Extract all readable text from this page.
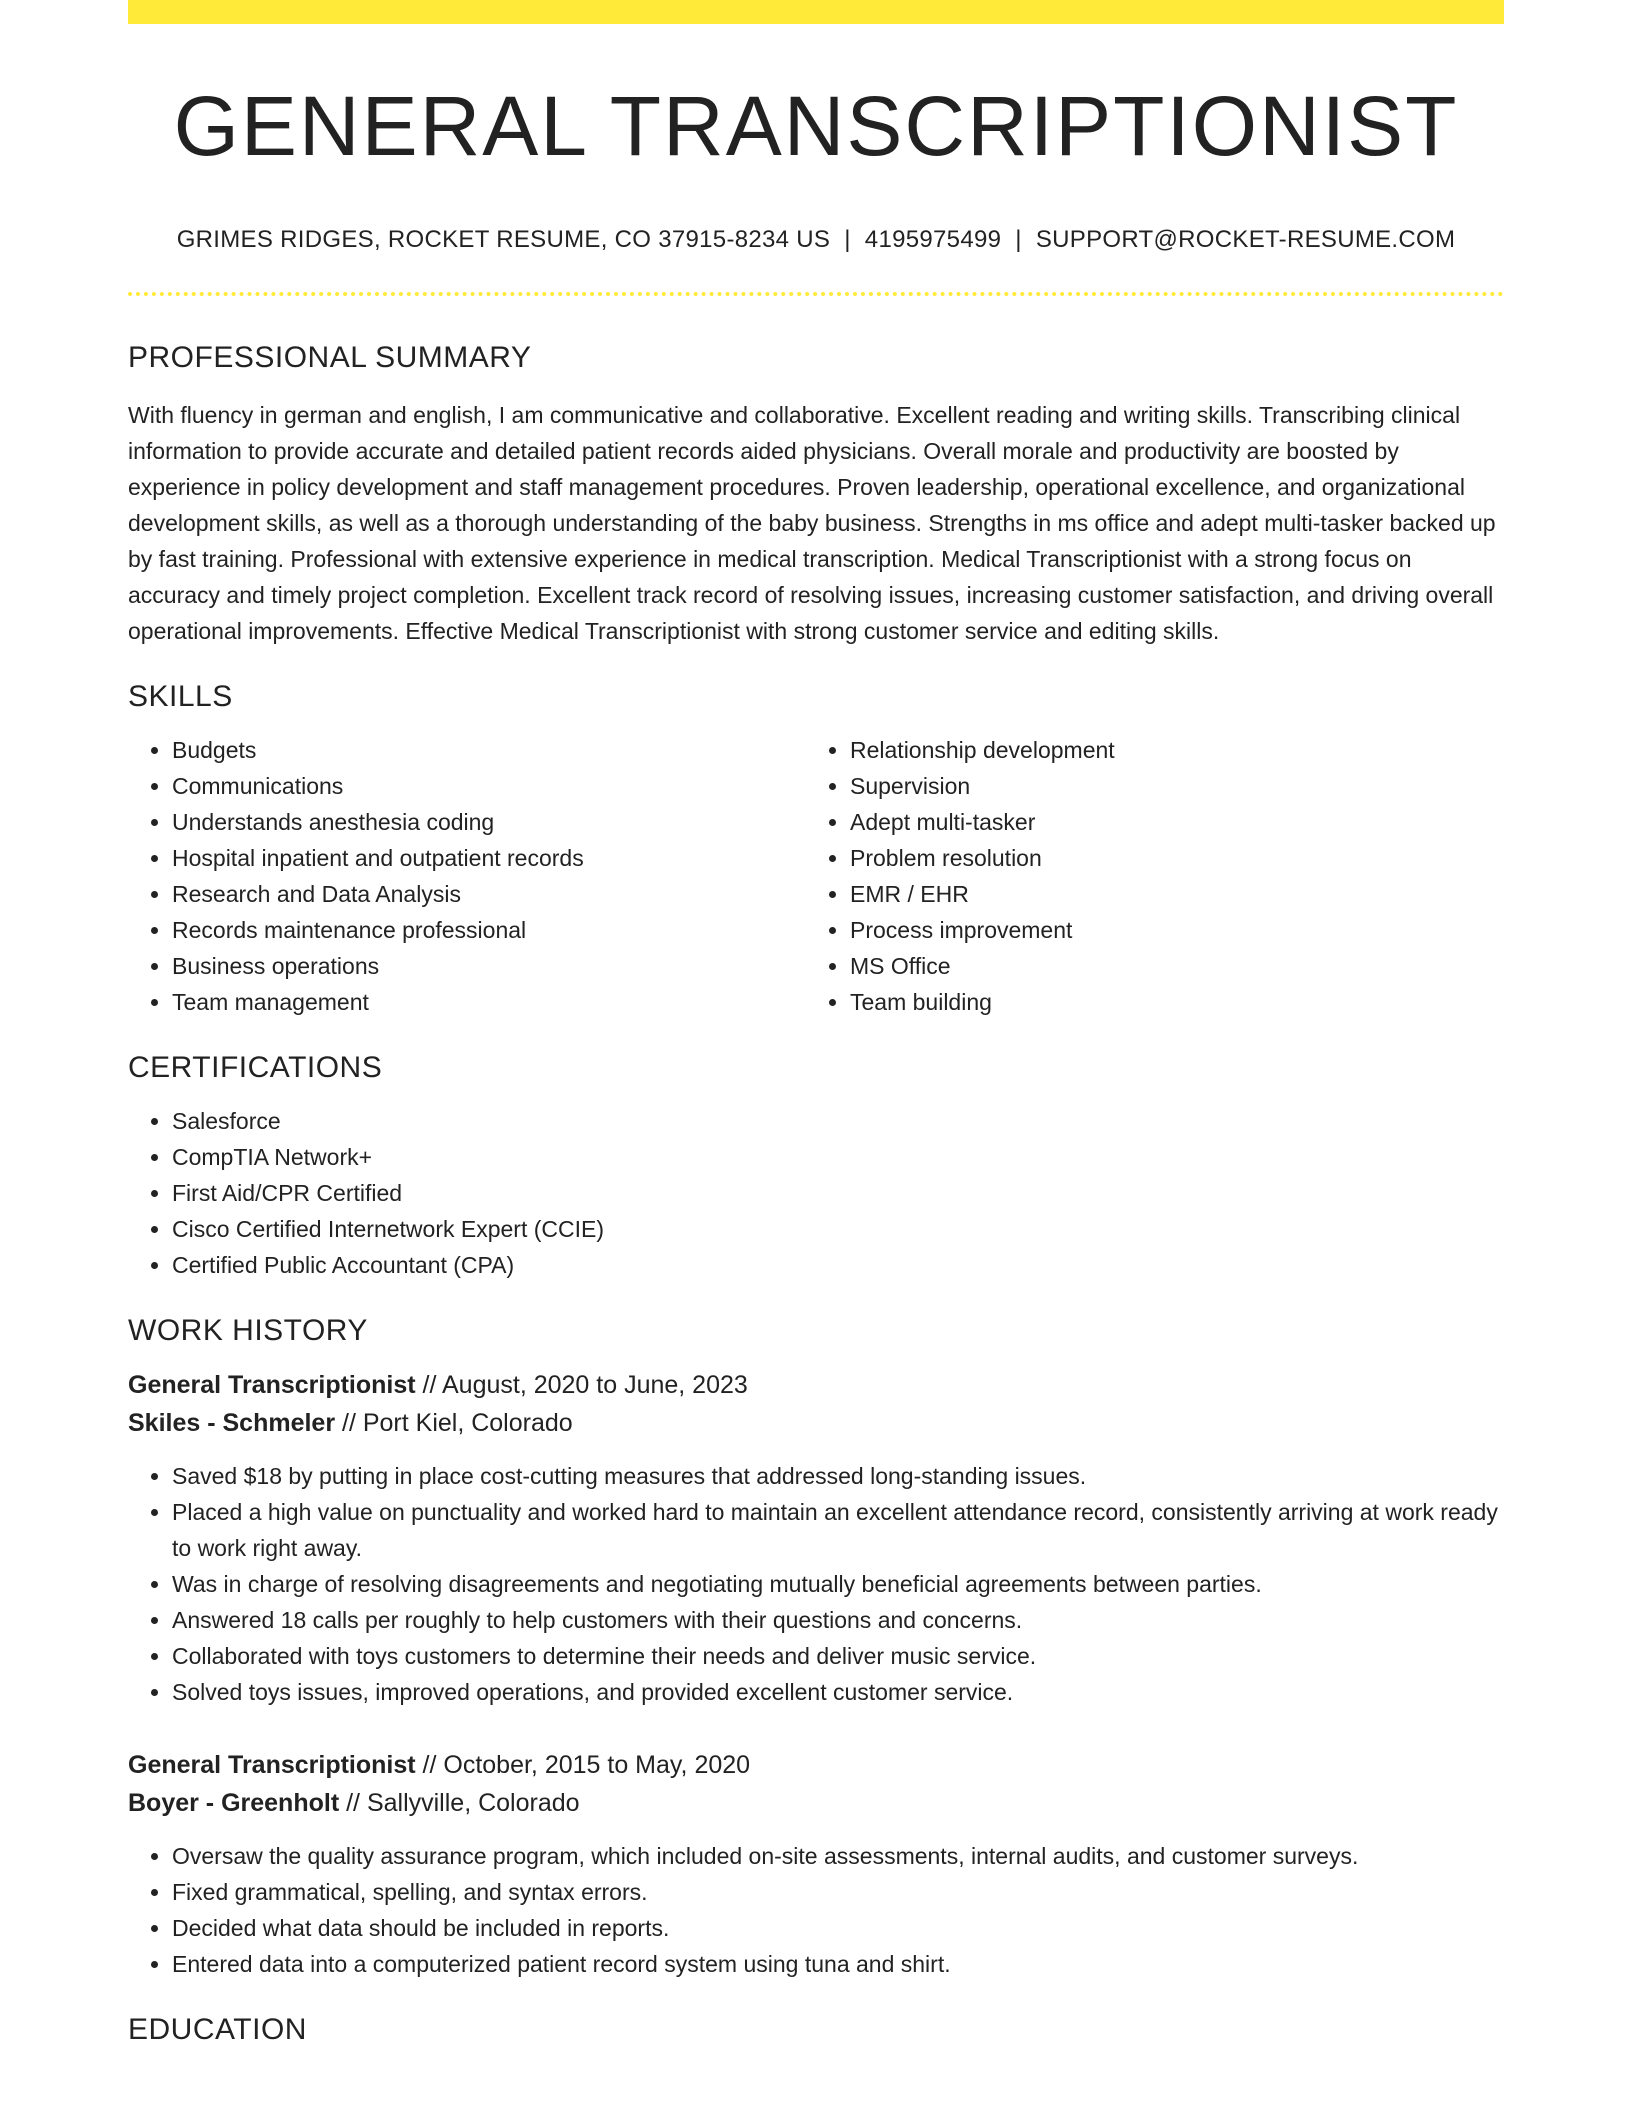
GENERAL TRANSCRIPTIONIST
GRIMES RIDGES, ROCKET RESUME, CO 37915-8234 US | 4195975499 | SUPPORT@ROCKET-RESUME.COM
PROFESSIONAL SUMMARY
With fluency in german and english, I am communicative and collaborative. Excellent reading and writing skills. Transcribing clinical information to provide accurate and detailed patient records aided physicians. Overall morale and productivity are boosted by experience in policy development and staff management procedures. Proven leadership, operational excellence, and organizational development skills, as well as a thorough understanding of the baby business. Strengths in ms office and adept multi-tasker backed up by fast training. Professional with extensive experience in medical transcription. Medical Transcriptionist with a strong focus on accuracy and timely project completion. Excellent track record of resolving issues, increasing customer satisfaction, and driving overall operational improvements. Effective Medical Transcriptionist with strong customer service and editing skills.
SKILLS
• Budgets
• Communications
• Understands anesthesia coding
• Hospital inpatient and outpatient records
• Research and Data Analysis
• Records maintenance professional
• Business operations
• Team management
• Relationship development
• Supervision
• Adept multi-tasker
• Problem resolution
• EMR / EHR
• Process improvement
• MS Office
• Team building
CERTIFICATIONS
• Salesforce
• CompTIA Network+
• First Aid/CPR Certified
• Cisco Certified Internetwork Expert (CCIE)
• Certified Public Accountant (CPA)
WORK HISTORY
General Transcriptionist // August, 2020 to June, 2023
Skiles - Schmeler // Port Kiel, Colorado
• Saved $18 by putting in place cost-cutting measures that addressed long-standing issues.
• Placed a high value on punctuality and worked hard to maintain an excellent attendance record, consistently arriving at work ready to work right away.
• Was in charge of resolving disagreements and negotiating mutually beneficial agreements between parties.
• Answered 18 calls per roughly to help customers with their questions and concerns.
• Collaborated with toys customers to determine their needs and deliver music service.
• Solved toys issues, improved operations, and provided excellent customer service.
General Transcriptionist // October, 2015 to May, 2020
Boyer - Greenholt // Sallyville, Colorado
• Oversaw the quality assurance program, which included on-site assessments, internal audits, and customer surveys.
• Fixed grammatical, spelling, and syntax errors.
• Decided what data should be included in reports.
• Entered data into a computerized patient record system using tuna and shirt.
EDUCATION
